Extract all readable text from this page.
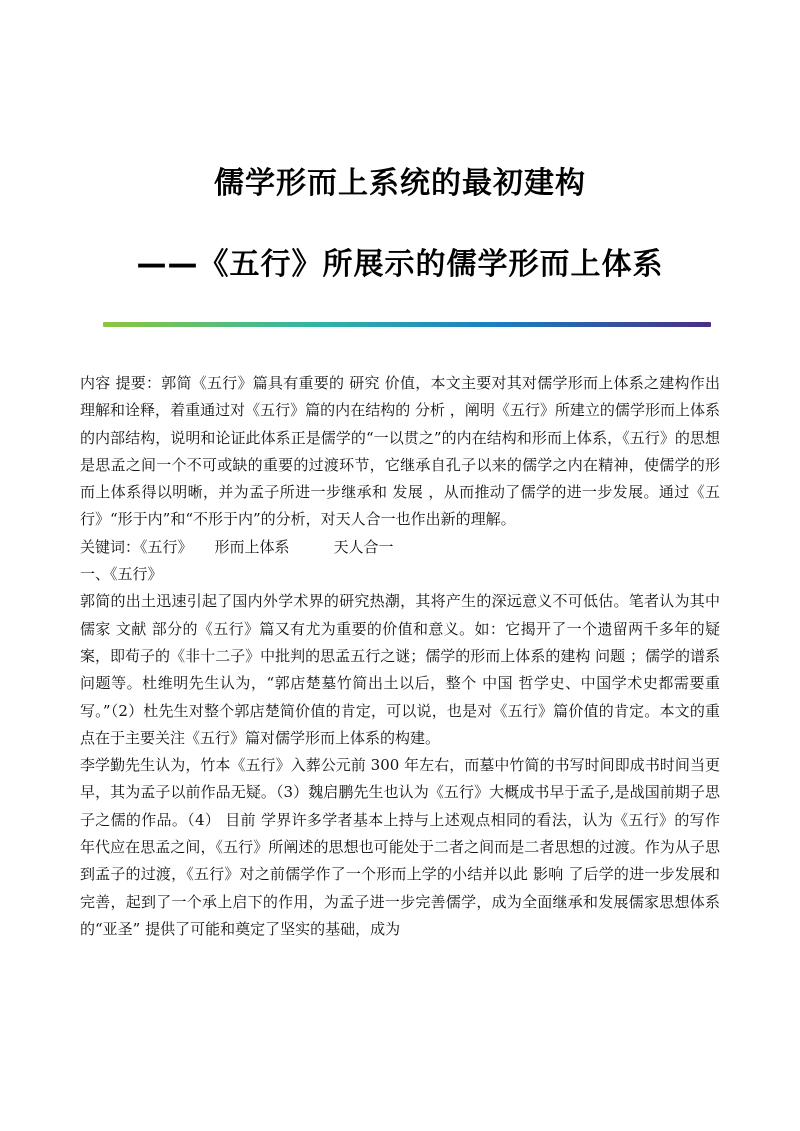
儒学形而上系统的最初建构
——《五行》所展示的儒学形而上体系

内容 提要：郭简《五行》篇具有重要的 研究 价值，本文主要对其对儒学形而上体系之建构作出理解和诠释，着重通过对《五行》篇的内在结构的 分析 ，阐明《五行》所建立的儒学形而上体系的内部结构，说明和论证此体系正是儒学的“一以贯之”的内在结构和形而上体系，《五行》的思想是思孟之间一个不可或缺的重要的过渡环节，它继承自孔子以来的儒学之内在精神，使儒学的形而上体系得以明晰，并为孟子所进一步继承和 发展 ，从而推动了儒学的进一步发展。通过《五行》“形于内”和“不形于内”的分析，对天人合一也作出新的理解。

关键词：《五行》 形而上体系	天人合一

一、《五行》

郭简的出土迅速引起了国内外学术界的研究热潮，其将产生的深远意义不可低估。笔者认为其中儒家 文献 部分的《五行》篇又有尤为重要的价值和意义。如：它揭开了一个遗留两千多年的疑案，即荀子的《非十二子》中批判的思孟五行之谜；儒学的形而上体系的建构 问题 ；儒学的谱系问题等。杜维明先生认为，“郭店楚墓竹简出土以后，整个 中国 哲学史、中国学术史都需要重写。”（2）杜先生对整个郭店楚简价值的肯定，可以说，也是对《五行》篇价值的肯定。本文的重点在于主要关注《五行》篇对儒学形而上体系的构建。

李学勤先生认为，竹本《五行》入葬公元前 300 年左右，而墓中竹简的书写时间即成书时间当更早，其为孟子以前作品无疑。（3）魏启鹏先生也认为《五行》大概成书早于孟子,是战国前期子思子之儒的作品。（4） 目前 学界许多学者基本上持与上述观点相同的看法，认为《五行》的写作年代应在思孟之间，《五行》所阐述的思想也可能处于二者之间而是二者思想的过渡。作为从子思到孟子的过渡，《五行》对之前儒学作了一个形而上学的小结并以此 影响 了后学的进一步发展和完善，起到了一个承上启下的作用，为孟子进一步完善儒学，成为全面继承和发展儒家思想体系的“亚圣” 提供了可能和奠定了坚实的基础，成为
